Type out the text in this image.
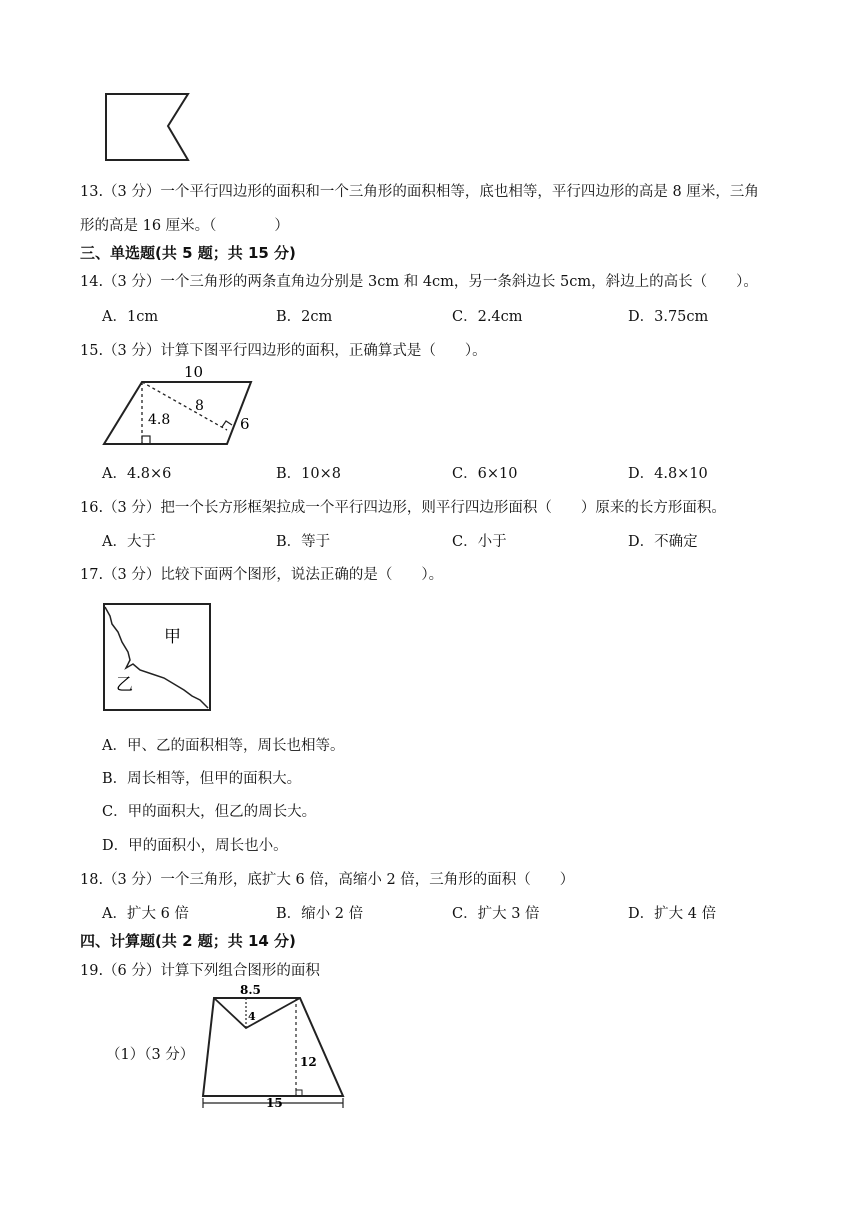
13.（3 分）一个平行四边形的面积和一个三角形的面积相等，底也相等，平行四边形的高是 8 厘米，三角
形的高是 16 厘米。（　　　　）
三、单选题(共 5 题；共 15 分)
14.（3 分）一个三角形的两条直角边分别是 3cm 和 4cm，另一条斜边长 5cm，斜边上的高长（　　）。
A．1cm	B．2cm	C．2.4cm	D．3.75cm
15.（3 分）计算下图平行四边形的面积，正确算式是（　　）。
10
4.8
8
6
A．4.8×6	B．10×8	C．6×10	D．4.8×10
16.（3 分）把一个长方形框架拉成一个平行四边形，则平行四边形面积（　　）原来的长方形面积。
A．大于	B．等于	C．小于	D．不确定
17.（3 分）比较下面两个图形，说法正确的是（　　）。
甲
乙
A．甲、乙的面积相等，周长也相等。
B．周长相等，但甲的面积大。
C．甲的面积大，但乙的周长大。
D．甲的面积小，周长也小。
18.（3 分）一个三角形，底扩大 6 倍，高缩小 2 倍，三角形的面积（　　）
A．扩大 6 倍	B．缩小 2 倍	C．扩大 3 倍	D．扩大 4 倍
四、计算题(共 2 题；共 14 分)
19.（6 分）计算下列组合图形的面积
（1）（3 分）
8.5
4
12
15
